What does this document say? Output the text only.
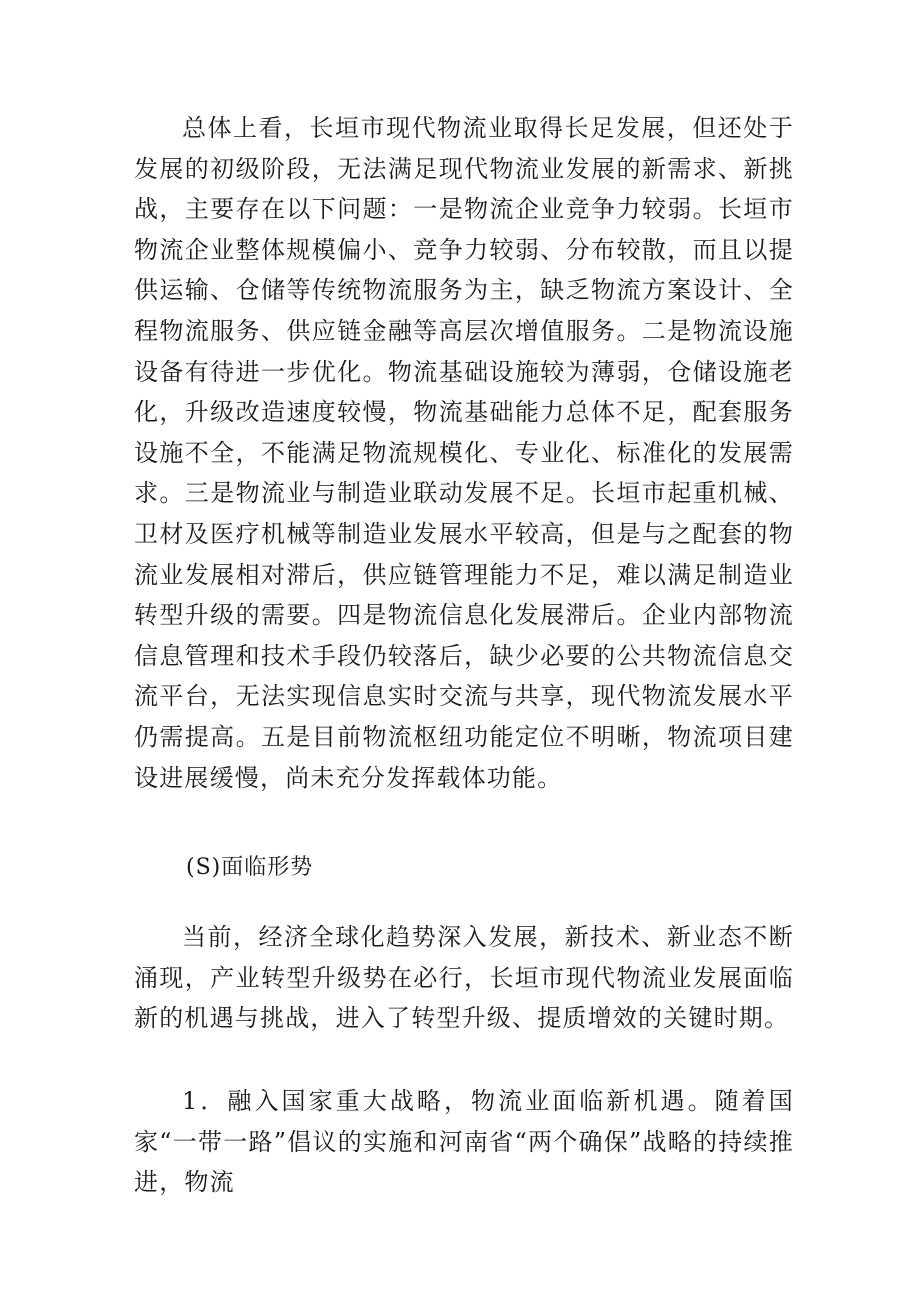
总体上看，长垣市现代物流业取得长足发展，但还处于发展的初级阶段，无法满足现代物流业发展的新需求、新挑战，主要存在以下问题：一是物流企业竞争力较弱。长垣市物流企业整体规模偏小、竞争力较弱、分布较散，而且以提供运输、仓储等传统物流服务为主，缺乏物流方案设计、全程物流服务、供应链金融等高层次增值服务。二是物流设施设备有待进一步优化。物流基础设施较为薄弱，仓储设施老化，升级改造速度较慢，物流基础能力总体不足，配套服务设施不全，不能满足物流规模化、专业化、标准化的发展需求。三是物流业与制造业联动发展不足。长垣市起重机械、卫材及医疗机械等制造业发展水平较高，但是与之配套的物流业发展相对滞后，供应链管理能力不足，难以满足制造业转型升级的需要。四是物流信息化发展滞后。企业内部物流信息管理和技术手段仍较落后，缺少必要的公共物流信息交流平台，无法实现信息实时交流与共享，现代物流发展水平仍需提高。五是目前物流枢纽功能定位不明晰，物流项目建设进展缓慢，尚未充分发挥载体功能。

(S)面临形势

当前，经济全球化趋势深入发展，新技术、新业态不断涌现，产业转型升级势在必行，长垣市现代物流业发展面临新的机遇与挑战，进入了转型升级、提质增效的关键时期。

1．融入国家重大战略，物流业面临新机遇。随着国家“一带一路”倡议的实施和河南省“两个确保”战略的持续推进，物流
